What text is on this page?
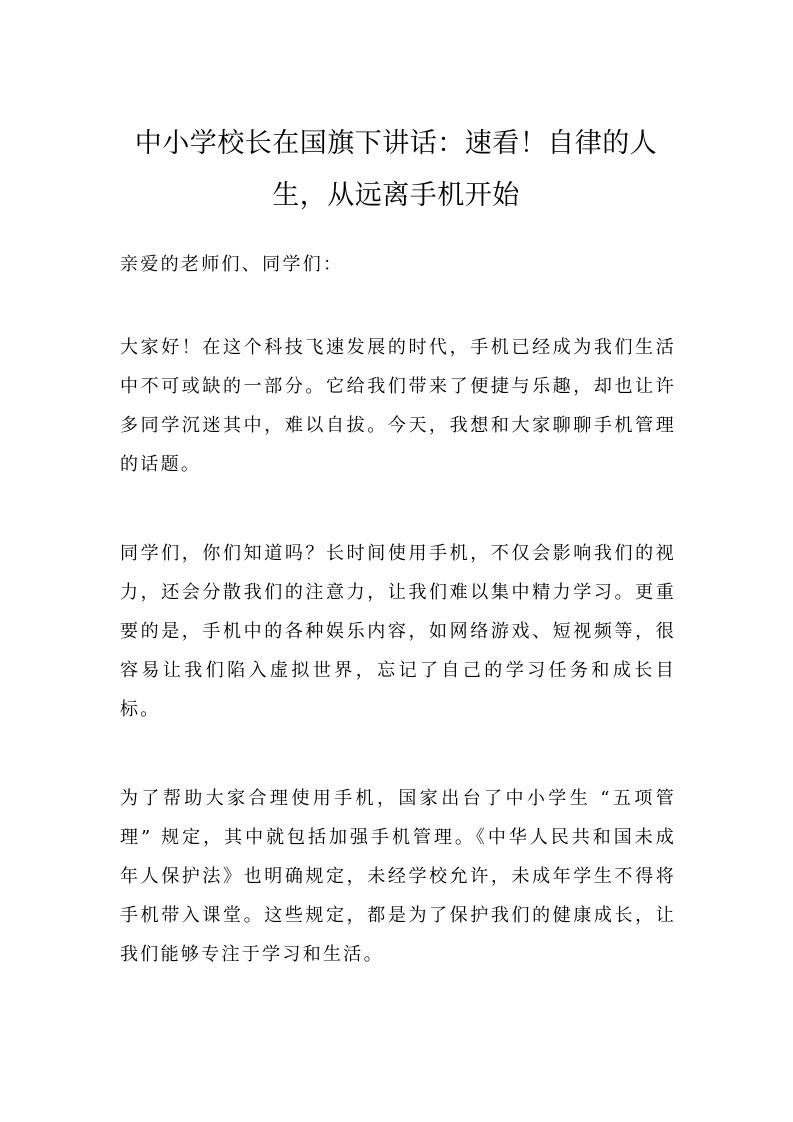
中小学校长在国旗下讲话：速看！自律的人生，从远离手机开始

亲爱的老师们、同学们：

大家好！在这个科技飞速发展的时代，手机已经成为我们生活中不可或缺的一部分。它给我们带来了便捷与乐趣，却也让许多同学沉迷其中，难以自拔。今天，我想和大家聊聊手机管理的话题。

同学们，你们知道吗？长时间使用手机，不仅会影响我们的视力，还会分散我们的注意力，让我们难以集中精力学习。更重要的是，手机中的各种娱乐内容，如网络游戏、短视频等，很容易让我们陷入虚拟世界，忘记了自己的学习任务和成长目标。

为了帮助大家合理使用手机，国家出台了中小学生 “五项管理” 规定，其中就包括加强手机管理。《中华人民共和国未成年人保护法》也明确规定，未经学校允许，未成年学生不得将手机带入课堂。这些规定，都是为了保护我们的健康成长，让我们能够专注于学习和生活。
